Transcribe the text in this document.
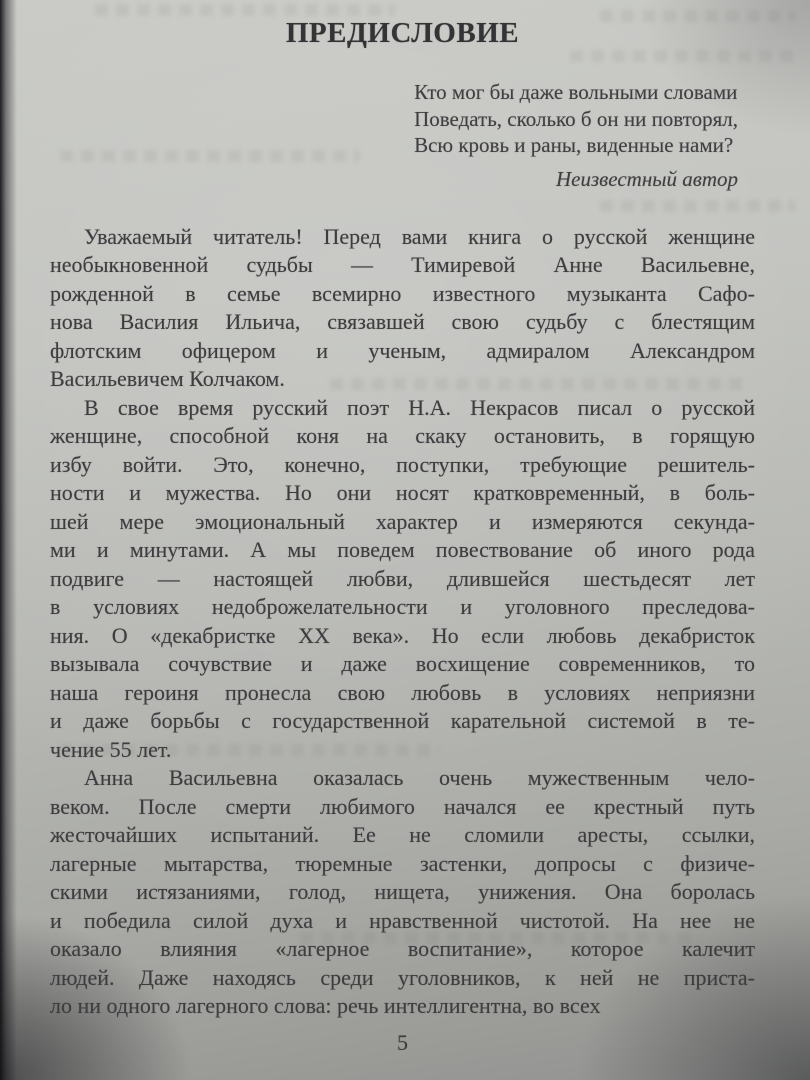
ПРЕДИСЛОВИЕ
Кто мог бы даже вольными словами
Поведать, сколько б он ни повторял,
Всю кровь и раны, виденные нами?
Неизвестный автор
Уважаемый читатель! Перед вами книга о русской женщине
необыкновенной судьбы — Тимиревой Анне Васильевне,
рожденной в семье всемирно известного музыканта Сафо-
нова Василия Ильича, связавшей свою судьбу с блестящим
флотским офицером и ученым, адмиралом Александром
Васильевичем Колчаком.
В свое время русский поэт Н.А. Некрасов писал о русской
женщине, способной коня на скаку остановить, в горящую
избу войти. Это, конечно, поступки, требующие решитель-
ности и мужества. Но они носят кратковременный, в боль-
шей мере эмоциональный характер и измеряются секунда-
ми и минутами. А мы поведем повествование об иного рода
подвиге — настоящей любви, длившейся шестьдесят лет
в условиях недоброжелательности и уголовного преследова-
ния. О «декабристке XX века». Но если любовь декабристок
вызывала сочувствие и даже восхищение современников, то
наша героиня пронесла свою любовь в условиях неприязни
и даже борьбы с государственной карательной системой в те-
чение 55 лет.
Анна Васильевна оказалась очень мужественным чело-
веком. После смерти любимого начался ее крестный путь
жесточайших испытаний. Ее не сломили аресты, ссылки,
лагерные мытарства, тюремные застенки, допросы с физиче-
скими истязаниями, голод, нищета, унижения. Она боролась
и победила силой духа и нравственной чистотой. На нее не
оказало влияния «лагерное воспитание», которое калечит
людей. Даже находясь среди уголовников, к ней не приста-
ло ни одного лагерного слова: речь интеллигентна, во всех
5
